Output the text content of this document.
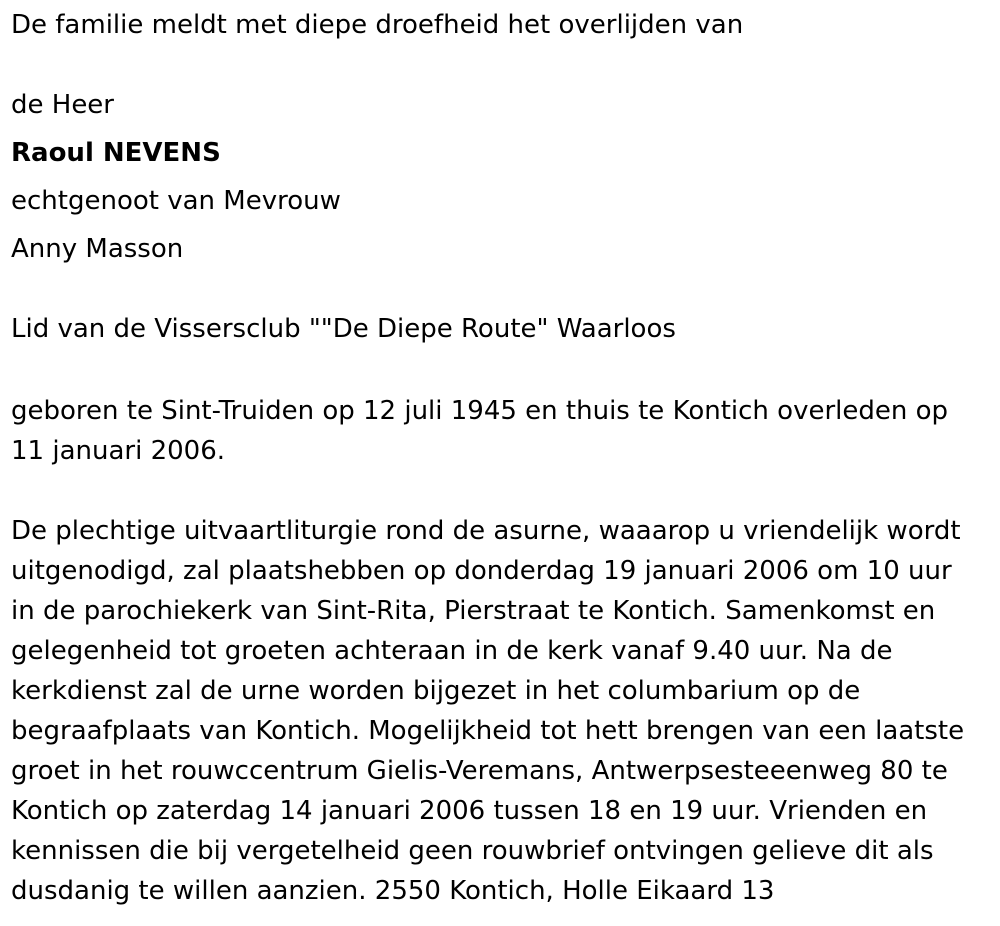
De familie meldt met diepe droefheid het overlijden van
de Heer
Raoul NEVENS
echtgenoot van Mevrouw
Anny Masson
Lid van de Vissersclub ""De Diepe Route" Waarloos
geboren te Sint-Truiden op 12 juli 1945 en thuis te Kontich overleden op
11 januari 2006.
De plechtige uitvaartliturgie rond de asurne, waaarop u vriendelijk wordt
uitgenodigd, zal plaatshebben op donderdag 19 januari 2006 om 10 uur
in de parochiekerk van Sint-Rita, Pierstraat te Kontich. Samenkomst en
gelegenheid tot groeten achteraan in de kerk vanaf 9.40 uur. Na de
kerkdienst zal de urne worden bijgezet in het columbarium op de
begraafplaats van Kontich. Mogelijkheid tot hett brengen van een laatste
groet in het rouwccentrum Gielis-Veremans, Antwerpsesteeenweg 80 te
Kontich op zaterdag 14 januari 2006 tussen 18 en 19 uur. Vrienden en
kennissen die bij vergetelheid geen rouwbrief ontvingen gelieve dit als
dusdanig te willen aanzien. 2550 Kontich, Holle Eikaard 13
